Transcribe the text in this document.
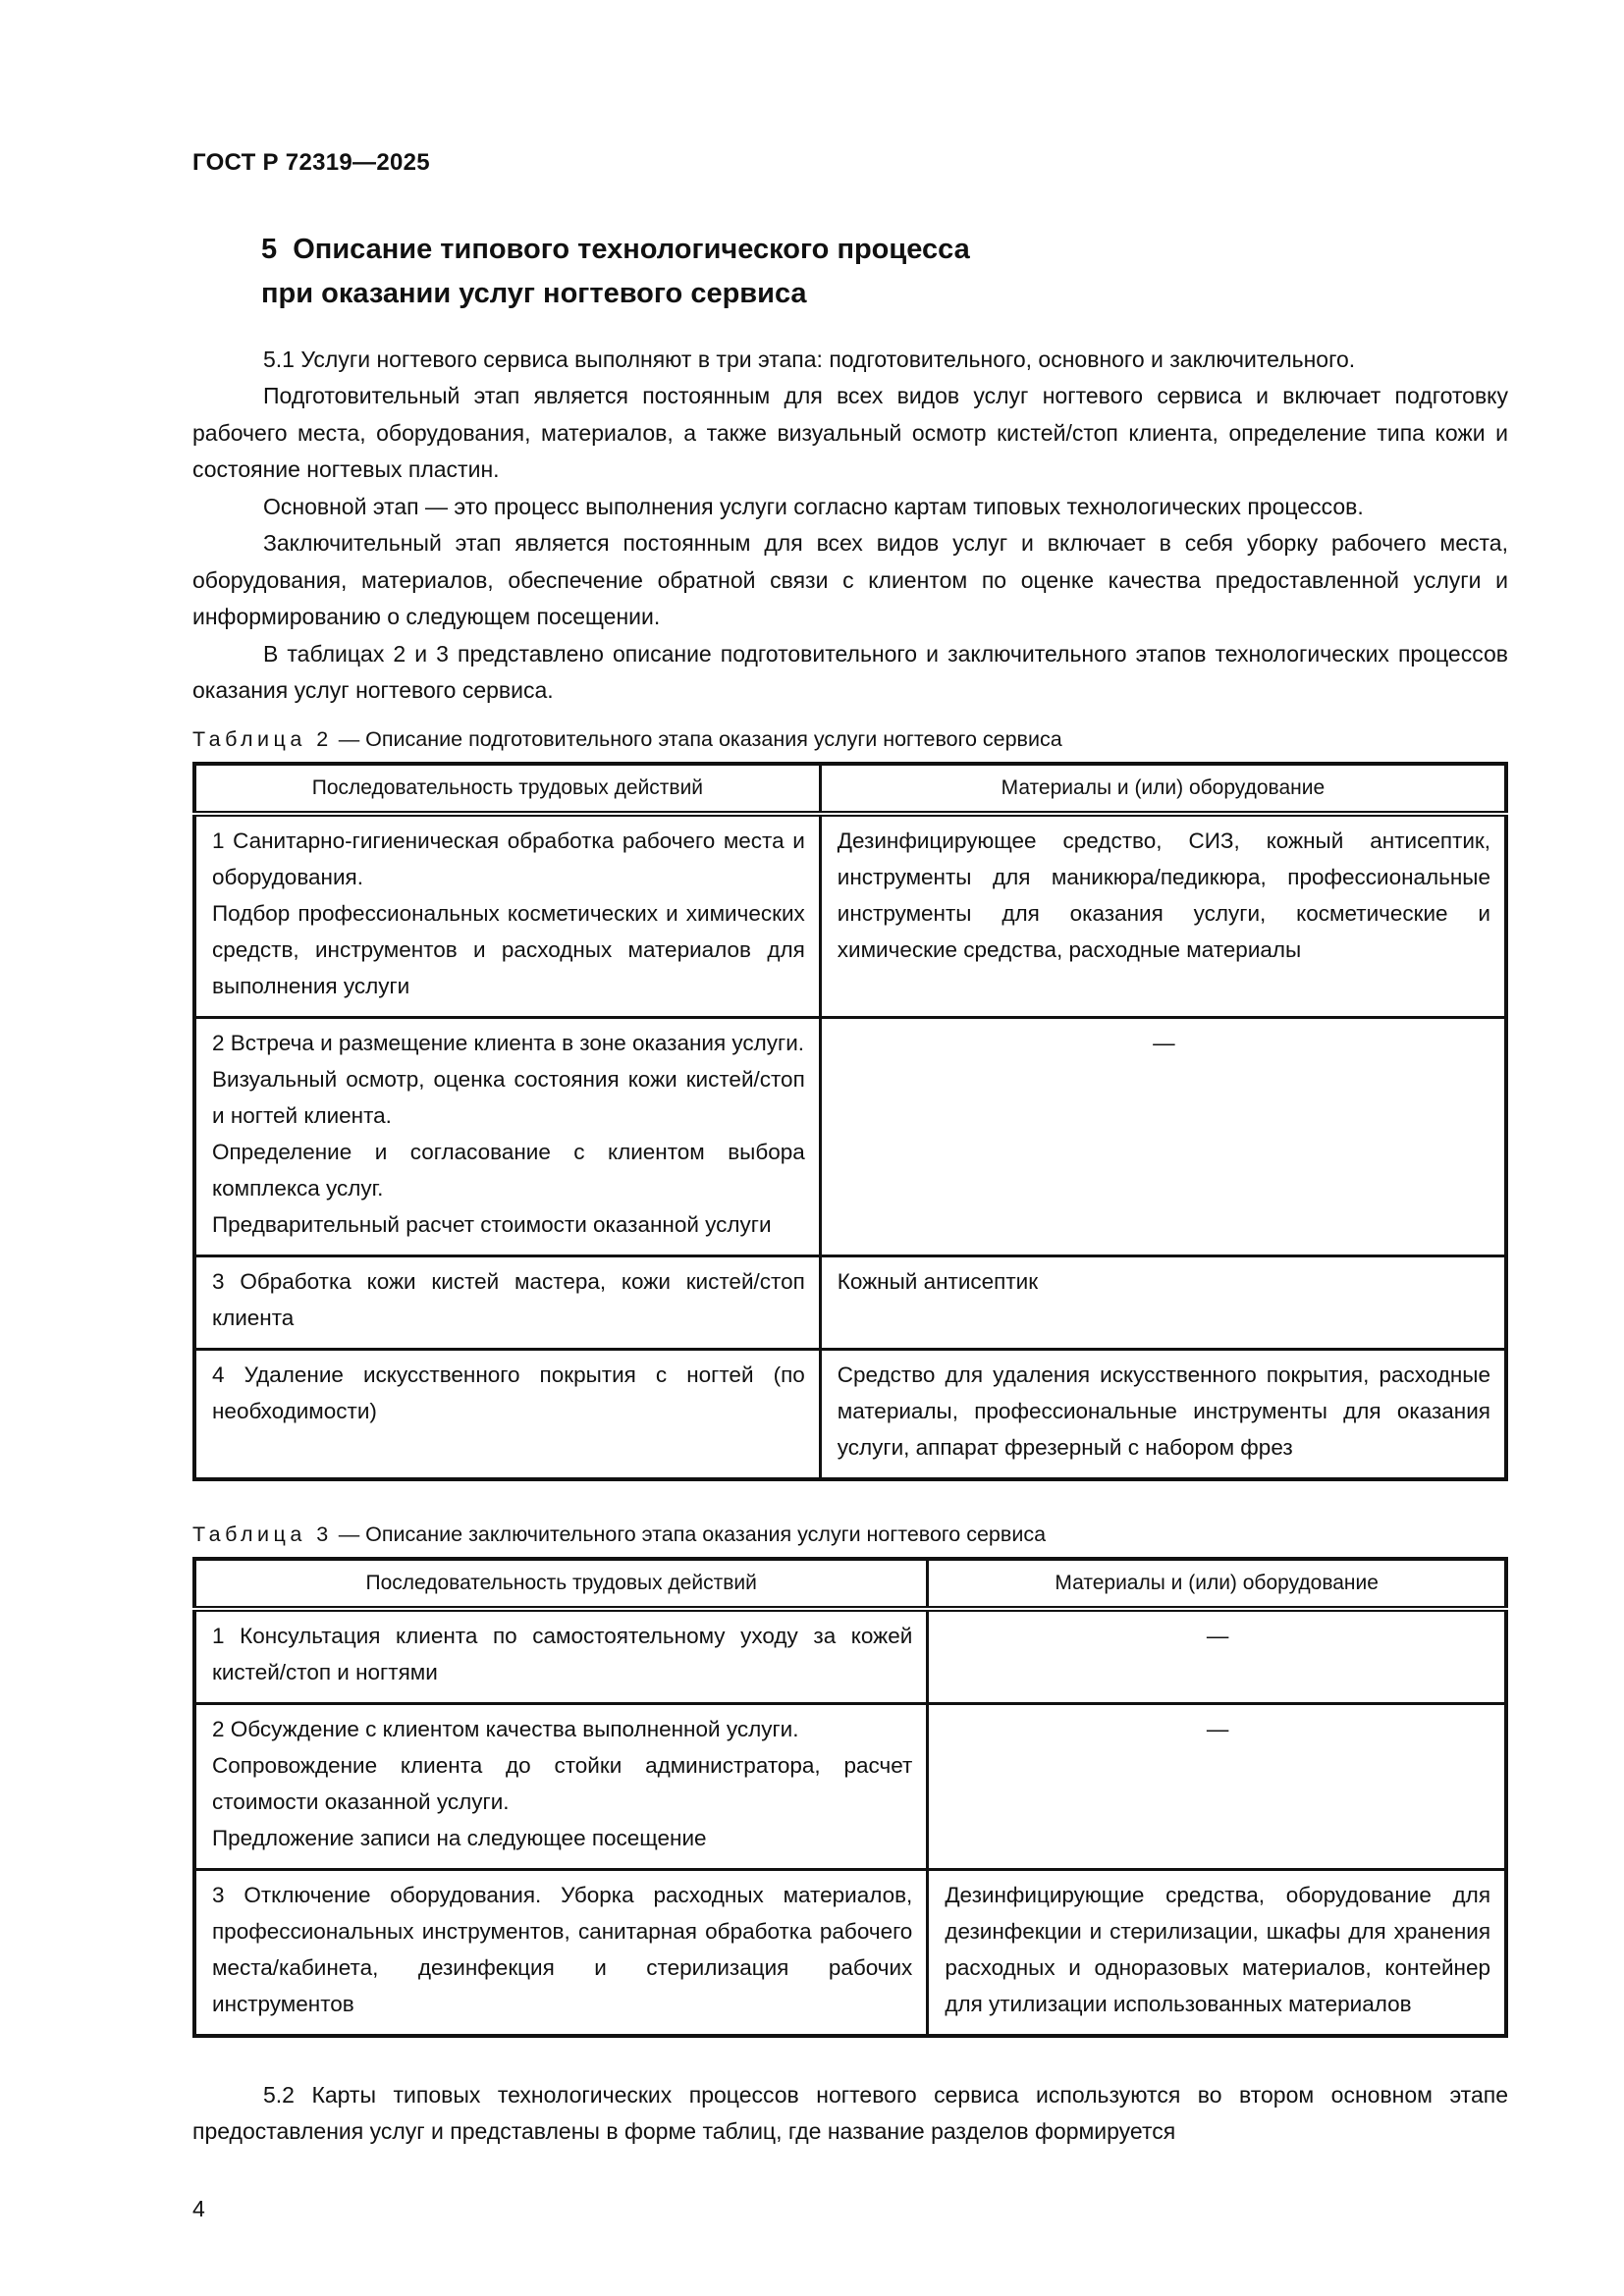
ГОСТ Р 72319—2025
5  Описание типового технологического процесса
при оказании услуг ногтевого сервиса

5.1 Услуги ногтевого сервиса выполняют в три этапа: подготовительного, основного и заключительного.

Подготовительный этап является постоянным для всех видов услуг ногтевого сервиса и включает подготовку рабочего места, оборудования, материалов, а также визуальный осмотр кистей/стоп клиента, определение типа кожи и состояние ногтевых пластин.

Основной этап — это процесс выполнения услуги согласно картам типовых технологических процессов.

Заключительный этап является постоянным для всех видов услуг и включает в себя уборку рабочего места, оборудования, материалов, обеспечение обратной связи с клиентом по оценке качества предоставленной услуги и информированию о следующем посещении.

В таблицах 2 и 3 представлено описание подготовительного и заключительного этапов технологических процессов оказания услуг ногтевого сервиса.

Таблица 2 — Описание подготовительного этапа оказания услуги ногтевого сервиса
Последовательность трудовых действий	Материалы и (или) оборудование

1 Санитарно-гигиеническая обработка рабочего места и оборудования.
Подбор профессиональных косметических и химических средств, инструментов и расходных материалов для выполнения услуги	Дезинфицирующее средство, СИЗ, кожный антисептик, инструменты для маникюра/педикюра, профессиональные инструменты для оказания услуги, косметические и химические средства, расходные материалы

2 Встреча и размещение клиента в зоне оказания услуги.
Визуальный осмотр, оценка состояния кожи кистей/стоп и ногтей клиента.
Определение и согласование с клиентом выбора комплекса услуг.
Предварительный расчет стоимости оказанной услуги	—

3 Обработка кожи кистей мастера, кожи кистей/стоп клиента	Кожный антисептик

4 Удаление искусственного покрытия с ногтей (по необходимости)	Средство для удаления искусственного покрытия, расходные материалы, профессиональные инструменты для оказания услуги, аппарат фрезерный с набором фрез
Таблица 3 — Описание заключительного этапа оказания услуги ногтевого сервиса
Последовательность трудовых действий	Материалы и (или) оборудование

1 Консультация клиента по самостоятельному уходу за кожей кистей/стоп и ногтями	—

2 Обсуждение с клиентом качества выполненной услуги.
Сопровождение клиента до стойки администратора, расчет стоимости оказанной услуги.
Предложение записи на следующее посещение	—

3 Отключение оборудования. Уборка расходных материалов, профессиональных инструментов, санитарная обработка рабочего места/кабинета, дезинфекция и стерилизация рабочих инструментов	Дезинфицирующие средства, оборудование для дезинфекции и стерилизации, шкафы для хранения расходных и одноразовых материалов, контейнер для утилизации использованных материалов

5.2 Карты типовых технологических процессов ногтевого сервиса используются во втором основном этапе предоставления услуг и представлены в форме таблиц, где название разделов формируется

4
